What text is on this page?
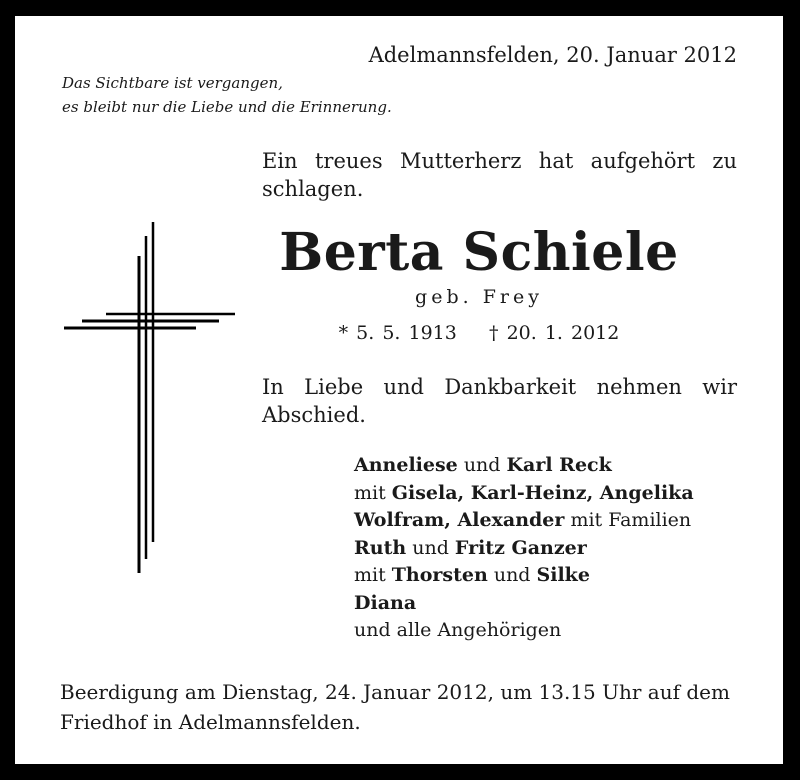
Adelmannsfelden, 20. Januar 2012
Das Sichtbare ist vergangen,
es bleibt nur die Liebe und die Erinnerung.
Ein treues Mutterherz hat aufgehört zu schlagen.
Berta Schiele
geb. Frey
* 5. 5. 1913 † 20. 1. 2012
In Liebe und Dankbarkeit nehmen wir Abschied.
Anneliese und Karl Reck
mit Gisela, Karl-Heinz, Angelika
Wolfram, Alexander mit Familien
Ruth und Fritz Ganzer
mit Thorsten und Silke
Diana
und alle Angehörigen
Beerdigung am Dienstag, 24. Januar 2012, um 13.15 Uhr auf dem Friedhof in Adelmannsfelden.
